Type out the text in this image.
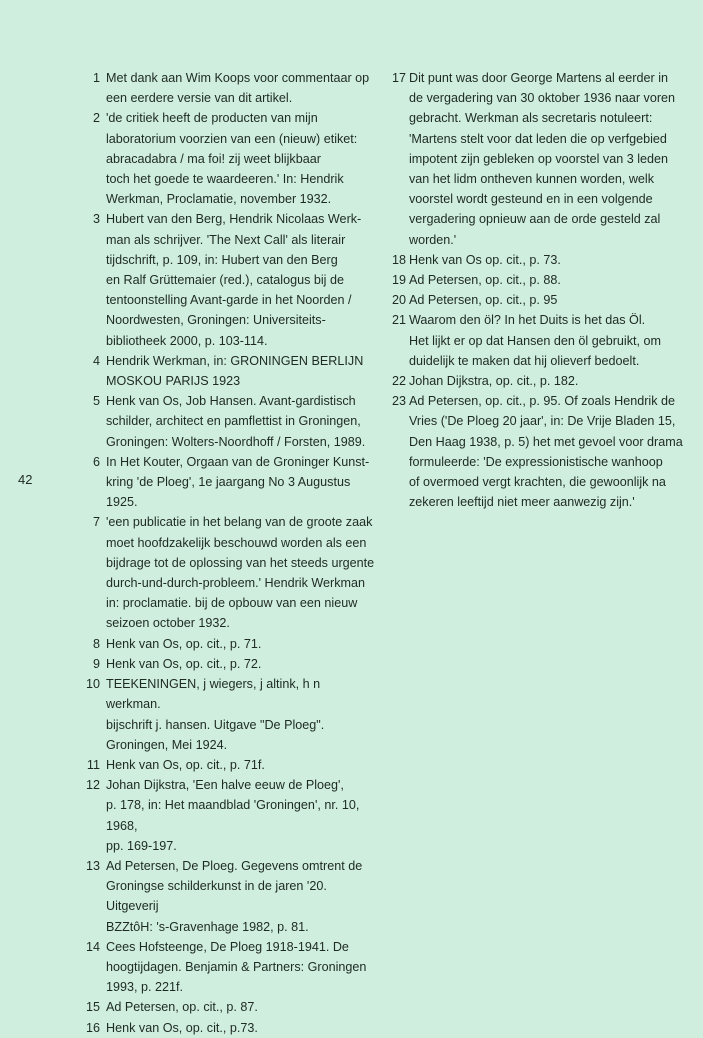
42
1 Met dank aan Wim Koops voor commentaar op
een eerdere versie van dit artikel.
2 'de critiek heeft de producten van mijn
laboratorium voorzien van een (nieuw) etiket:
abracadabra / ma foi! zij weet blijkbaar
toch het goede te waardeeren.' In: Hendrik
Werkman, Proclamatie, november 1932.
3 Hubert van den Berg, Hendrik Nicolaas Werk-
man als schrijver. 'The Next Call' als literair
tijdschrift, p. 109, in: Hubert van den Berg
en Ralf Grüttemaier (red.), catalogus bij de
tentoonstelling Avant-garde in het Noorden /
Noordwesten, Groningen: Universiteits-
bibliotheek 2000, p. 103-114.
4 Hendrik Werkman, in: GRONINGEN BERLIJN
MOSKOU PARIJS 1923
5 Henk van Os, Job Hansen. Avant-gardistisch
schilder, architect en pamflettist in Groningen,
Groningen: Wolters-Noordhoff / Forsten, 1989.
6 In Het Kouter, Orgaan van de Groninger Kunst-
kring 'de Ploeg', 1e jaargang No 3 Augustus 1925.
7 'een publicatie in het belang van de groote zaak
moet hoofdzakelijk beschouwd worden als een
bijdrage tot de oplossing van het steeds urgente
durch-und-durch-probleem.' Hendrik Werkman
in: proclamatie. bij de opbouw van een nieuw
seizoen october 1932.
8 Henk van Os, op. cit., p. 71.
9 Henk van Os, op. cit., p. 72.
10 TEEKENINGEN, j wiegers, j altink, h n werkman.
bijschrift j. hansen. Uitgave "De Ploeg".
Groningen, Mei 1924.
11 Henk van Os, op. cit., p. 71f.
12 Johan Dijkstra, 'Een halve eeuw de Ploeg',
p. 178, in: Het maandblad 'Groningen', nr. 10, 1968,
pp. 169-197.
13 Ad Petersen, De Ploeg. Gegevens omtrent de
Groningse schilderkunst in de jaren '20. Uitgeverij
BZZtôH: 's-Gravenhage 1982, p. 81.
14 Cees Hofsteenge, De Ploeg 1918-1941. De
hoogtijdagen. Benjamin & Partners: Groningen
1993, p. 221f.
15 Ad Petersen, op. cit., p. 87.
16 Henk van Os, op. cit., p.73.
17 Dit punt was door George Martens al eerder in
de vergadering van 30 oktober 1936 naar voren
gebracht. Werkman als secretaris notuleert:
'Martens stelt voor dat leden die op verfgebied
impotent zijn gebleken op voorstel van 3 leden
van het lidm ontheven kunnen worden, welk
voorstel wordt gesteund en in een volgende
vergadering opnieuw aan de orde gesteld zal
worden.'
18 Henk van Os op. cit., p. 73.
19 Ad Petersen, op. cit., p. 88.
20 Ad Petersen, op. cit., p. 95
21 Waarom den öl? In het Duits is het das Öl.
Het lijkt er op dat Hansen den öl gebruikt, om
duidelijk te maken dat hij olieverf bedoelt.
22 Johan Dijkstra, op. cit., p. 182.
23 Ad Petersen, op. cit., p. 95. Of zoals Hendrik de
Vries ('De Ploeg 20 jaar', in: De Vrije Bladen 15,
Den Haag 1938, p. 5) het met gevoel voor drama
formuleerde: 'De expressionistische wanhoop
of overmoed vergt krachten, die gewoonlijk na
zekeren leeftijd niet meer aanwezig zijn.'
